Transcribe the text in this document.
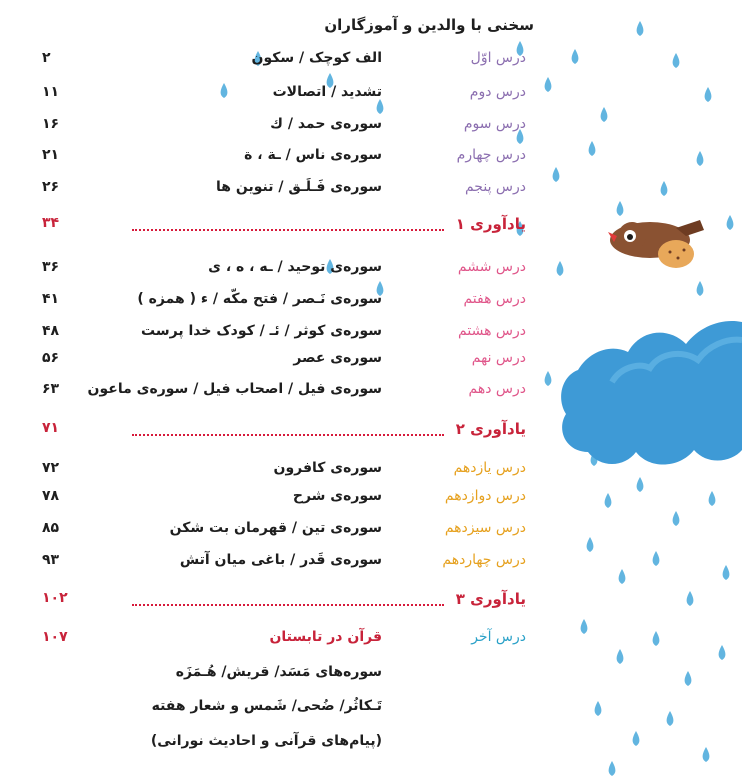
سخنی با والدین و آموزگاران
درس اوّل
الف کوچک / سکون
۲
درس دوم
تشدید / اتصالات
۱۱
درس سوم
سوره‌ی حمد / ك
۱۶
درس چهارم
سوره‌ی ناس / ـة ، ة
۲۱
درس پنجم
سوره‌ی فَـلَـق / تنوین ها
۲۶
یادآوری ۱
۳۴
درس ششم
سوره‌ی توحید / ـه ، ه ، ى
۳۶
درس هفتم
سوره‌ی نَـصر / فتح مکّه / ء ( همزه )
۴۱
درس هشتم
سوره‌ی کوثر / ئـ / کودک خدا پرست
۴۸
درس نهم
سوره‌ی عصر
۵۶
درس دهم
سوره‌ی فیل / اصحاب فیل / سوره‌ی ماعون
۶۳
یادآوری ۲
۷۱
درس یازدهم
سوره‌ی کافرون
۷۲
درس دوازدهم
سوره‌ی شرح
۷۸
درس سیزدهم
سوره‌ی تین / قهرمان بت شکن
۸۵
درس چهاردهم
سوره‌ی قَدر / باغی میان آتش
۹۳
یادآوری ۳
۱۰۲
درس آخر
قرآن در تابستان
۱۰۷
سوره‌های مَسَد/ قریش/ هُـمَزَه
تَـکاثُر/ ضُحی/ شَمس و شعار هفته
(پیام‌های قرآنی و احادیث نورانی)
